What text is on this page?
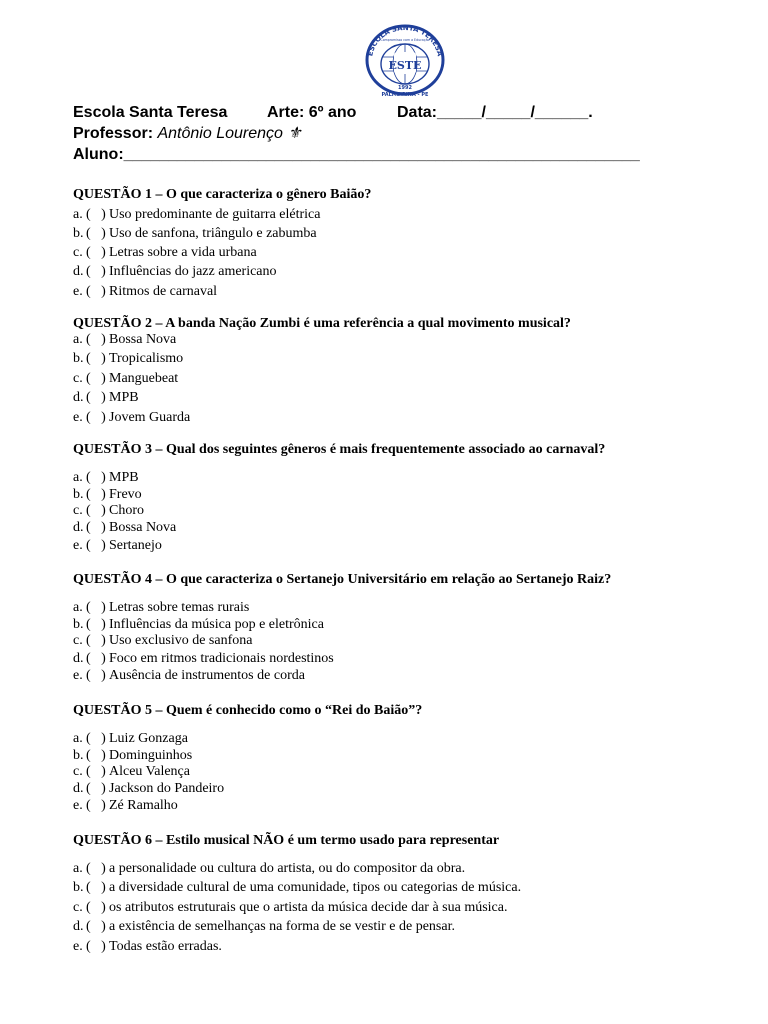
ESCOLA SANTA TERESA
Compromisso com a Educação
ESTE
1992
PALMEIRINA - PE
Escola Santa Teresa Arte: 6º ano	Data:_____/_____/______.
Professor: Antônio Lourenço ⚜
Aluno:__________________________________________________________
QUESTÃO 1 – O que caracteriza o gênero Baião?
a. (   ) Uso predominante de guitarra elétrica
b. (   ) Uso de sanfona, triângulo e zabumba
c. (   ) Letras sobre a vida urbana
d. (   ) Influências do jazz americano
e. (   ) Ritmos de carnaval
QUESTÃO 2 – A banda Nação Zumbi é uma referência a qual movimento musical?
a. (   ) Bossa Nova
b. (   ) Tropicalismo
c. (   ) Manguebeat
d. (   ) MPB
e. (   ) Jovem Guarda
QUESTÃO 3 – Qual dos seguintes gêneros é mais frequentemente associado ao carnaval?
a. (   ) MPB
b. (   ) Frevo
c. (   ) Choro
d. (   ) Bossa Nova
e. (   ) Sertanejo
QUESTÃO 4 – O que caracteriza o Sertanejo Universitário em relação ao Sertanejo Raiz?
a. (   ) Letras sobre temas rurais
b. (   ) Influências da música pop e eletrônica
c. (   ) Uso exclusivo de sanfona
d. (   ) Foco em ritmos tradicionais nordestinos
e. (   ) Ausência de instrumentos de corda
QUESTÃO 5 – Quem é conhecido como o “Rei do Baião”?
a. (   ) Luiz Gonzaga
b. (   ) Dominguinhos
c. (   ) Alceu Valença
d. (   ) Jackson do Pandeiro
e. (   ) Zé Ramalho
QUESTÃO 6 – Estilo musical NÃO é um termo usado para representar
a. (   ) a personalidade ou cultura do artista, ou do compositor da obra.
b. (   ) a diversidade cultural de uma comunidade, tipos ou categorias de música.
c. (   ) os atributos estruturais que o artista da música decide dar à sua música.
d. (   ) a existência de semelhanças na forma de se vestir e de pensar.
e. (   ) Todas estão erradas.
